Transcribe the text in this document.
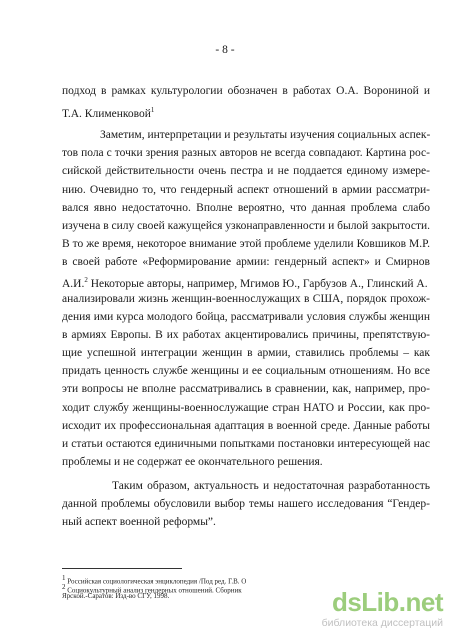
- 8 -
подход в рамках культурологии обозначен в работах О.А. Ворониной и
Т.А. Клименковой$^1$
Заметим, интерпретации и результаты изучения социальных аспек-
тов пола с точки зрения разных авторов не всегда совпадают. Картина рос-
сийской действительности очень пестра и не поддается единому измере-
нию. Очевидно то, что гендерный аспект отношений в армии рассматри-
вался явно недостаточно. Вполне вероятно, что данная проблема слабо
изучена в силу своей кажущейся узконаправленности и былой закрытости.
В то же время, некоторое внимание этой проблеме уделили Ковшиков М.Р.
в своей работе «Реформирование армии: гендерный аспект» и Смирнов
А.И.$^2$ Некоторые авторы, например, Мгимов Ю., Гарбузов А., Глинский А.
анализировали жизнь женщин-военнослужащих в США, порядок прохож-
дения ими курса молодого бойца, рассматривали условия службы женщин
в армиях Европы. В их работах акцентировались причины, препятствую-
щие успешной интеграции женщин в армии, ставились проблемы – как
придать ценность службе женщины и ее социальным отношениям. Но все
эти вопросы не вполне рассматривались в сравнении, как, например, про-
ходит службу женщины-военнослужащие стран НАТО и России, как про-
исходит их профессиональная адаптация в военной среде. Данные работы
и статьи остаются единичными попытками постановки интересующей нас
проблемы и не содержат ее окончательного решения.
Таким образом, актуальность и недостаточная разработанность
данной проблемы обусловили выбор темы нашего исследования “Гендер-
ный аспект военной реформы”.
1 Российская социологическая энциклопедия /Под ред. Г.В. О
2 Социокультурный анализ гендерных отношений. Сборник
Ярской.-Саратов: Изд-во СГУ, 1998.	dsLib.net
библиотека диссертаций
